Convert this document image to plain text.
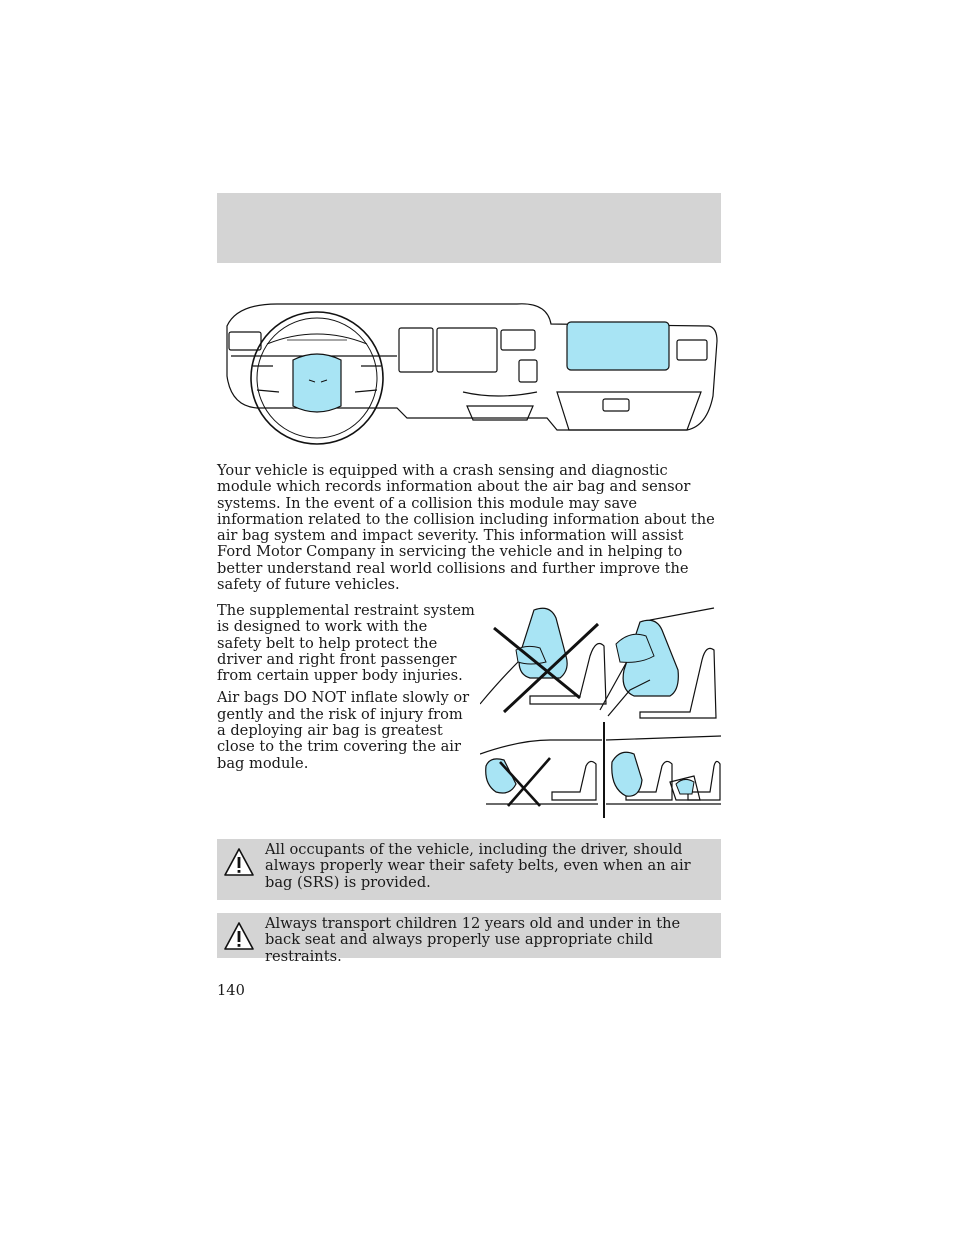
Your vehicle is equipped with a crash sensing and diagnostic module which records information about the air bag and sensor systems. In the event of a collision this module may save information related to the collision including information about the air bag system and impact severity. This information will assist Ford Motor Company in servicing the vehicle and in helping to better understand real world collisions and further improve the safety of future vehicles.

The supplemental restraint system is designed to work with the safety belt to help protect the driver and right front passenger from certain upper body injuries.

Air bags DO NOT inflate slowly or gently and the risk of injury from a deploying air bag is greatest close to the trim covering the air bag module.

All occupants of the vehicle, including the driver, should always properly wear their safety belts, even when an air bag (SRS) is provided.
Always transport children 12 years old and under in the back seat and always properly use appropriate child restraints.
140
